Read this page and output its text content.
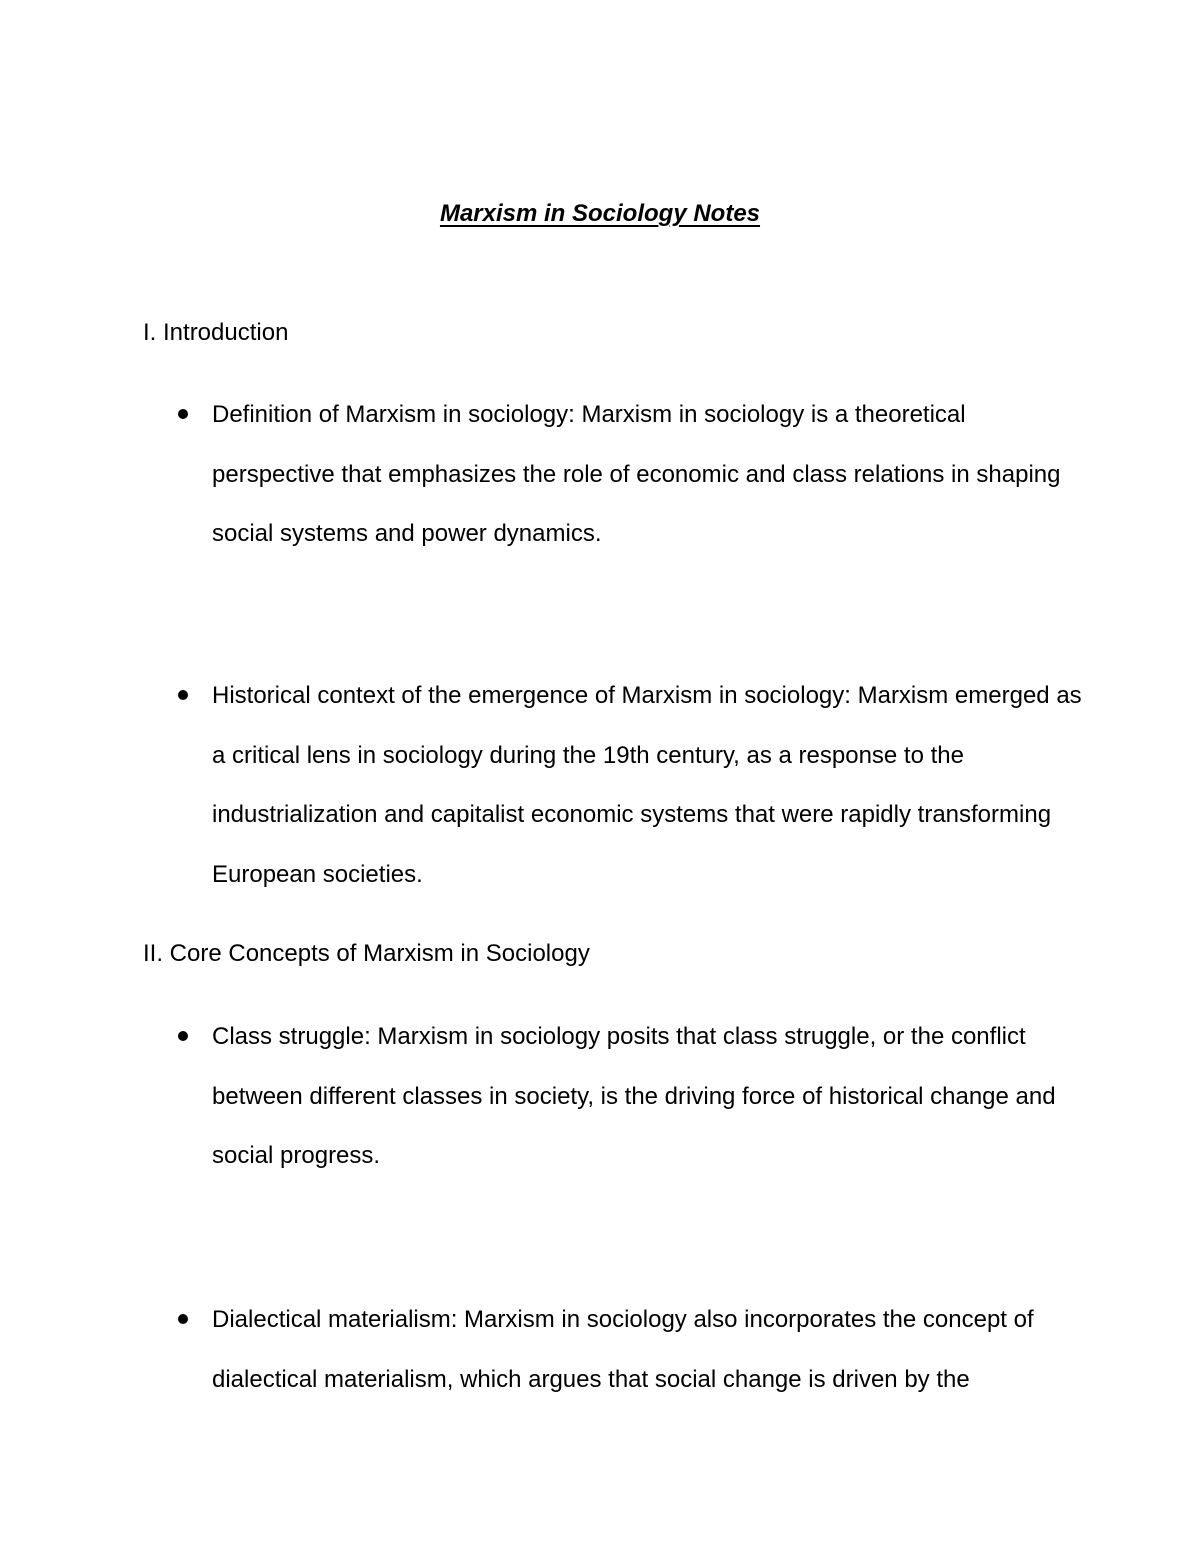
Marxism in Sociology Notes
I. Introduction
Definition of Marxism in sociology: Marxism in sociology is a theoretical perspective that emphasizes the role of economic and class relations in shaping social systems and power dynamics.
Historical context of the emergence of Marxism in sociology: Marxism emerged as a critical lens in sociology during the 19th century, as a response to the industrialization and capitalist economic systems that were rapidly transforming European societies.
II. Core Concepts of Marxism in Sociology
Class struggle: Marxism in sociology posits that class struggle, or the conflict between different classes in society, is the driving force of historical change and social progress.
Dialectical materialism: Marxism in sociology also incorporates the concept of dialectical materialism, which argues that social change is driven by the
